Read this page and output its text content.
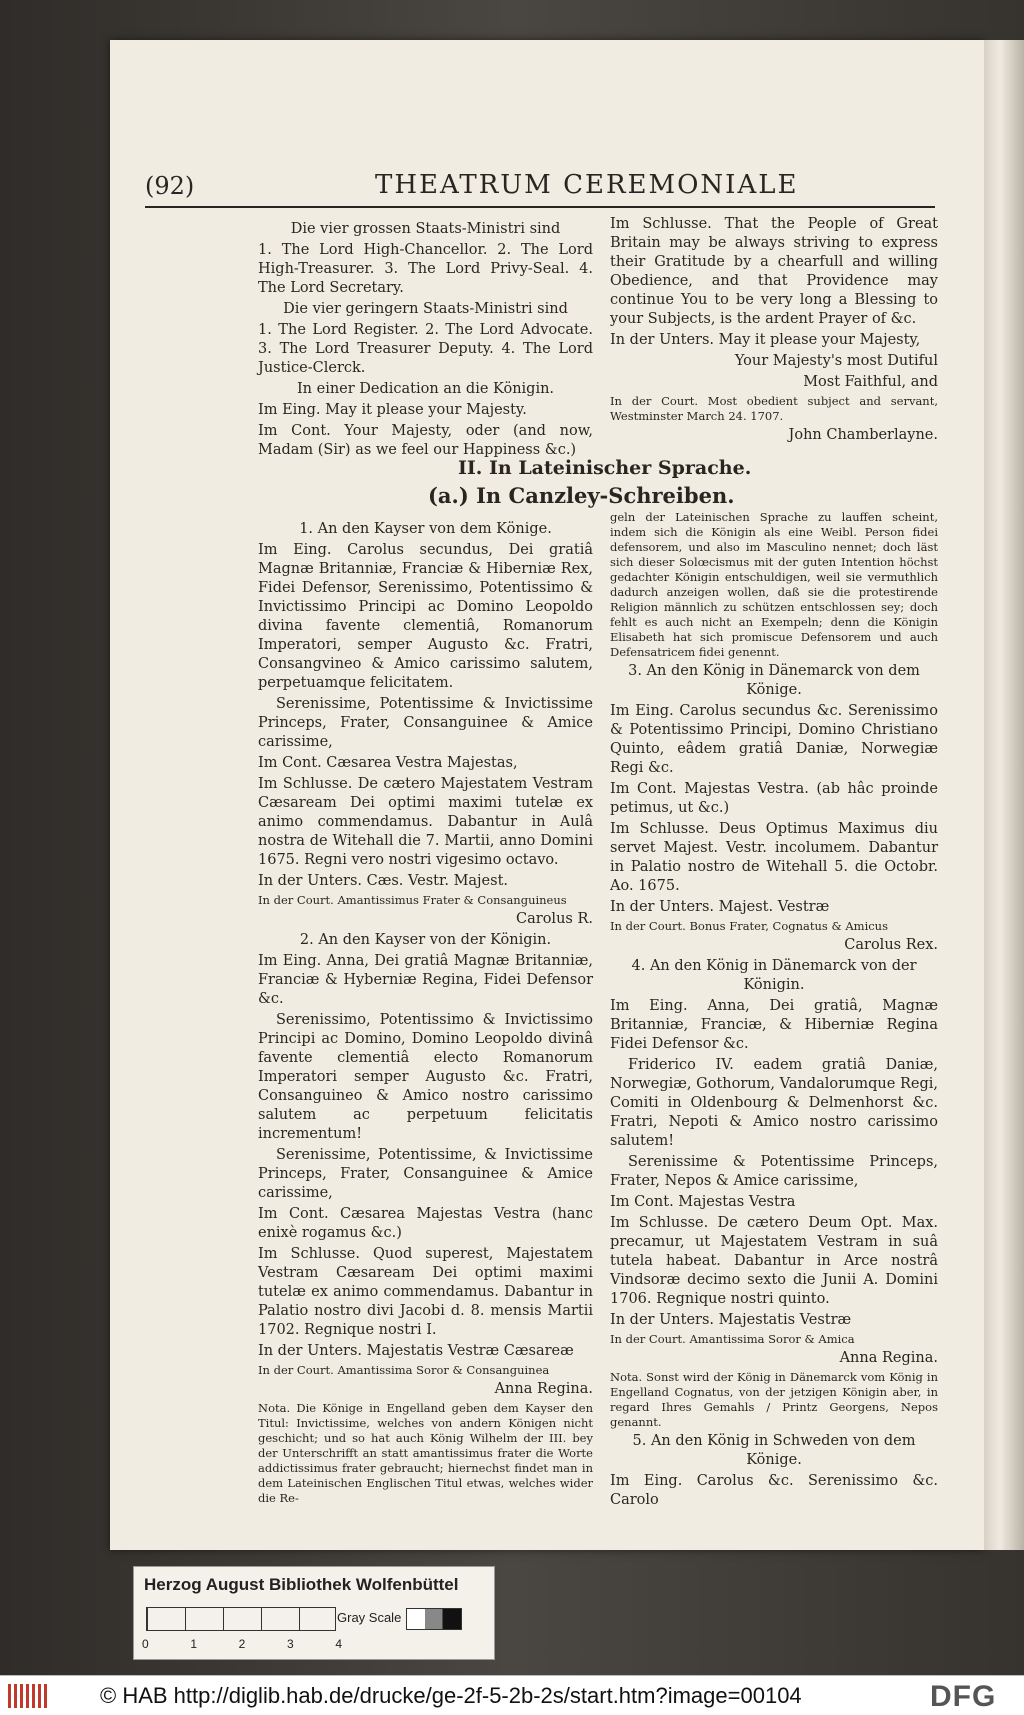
(92)	THEATRUM CEREMONIALE

Die vier grossen Staats-Ministri sind

1. The Lord High-Chancellor. 2. The Lord High-Treasurer. 3. The Lord Privy-Seal. 4. The Lord Secretary.

Die vier geringern Staats-Ministri sind

1. The Lord Register. 2. The Lord Advocate. 3. The Lord Treasurer Deputy. 4. The Lord Justice-Clerck.

In einer Dedication an die Königin.

Im Eing. May it please your Majesty.

Im Cont. Your Majesty, oder (and now, Madam (Sir) as we feel our Happiness &c.)

Im Schlusse. That the People of Great Britain may be always striving to express their Gratitude by a chearfull and willing Obedience, and that Providence may continue You to be very long a Blessing to your Subjects, is the ardent Prayer of &c.

In der Unters. May it please your Majesty,

Your Majesty's most Dutiful

Most Faithful, and

In der Court. Most obedient subject and servant, Westminster March 24. 1707.

John Chamberlayne.

II. In Lateinischer Sprache.
(a.) In Canzley-Schreiben.

1. An den Kayser von dem Könige.

Im Eing. Carolus secundus, Dei gratiâ Magnæ Britanniæ, Franciæ & Hiberniæ Rex, Fidei Defensor, Serenissimo, Potentissimo & Invictissimo Principi ac Domino Leopoldo divina favente clementiâ, Romanorum Imperatori, semper Augusto &c. Fratri, Consangvineo & Amico carissimo salutem, perpetuamque felicitatem.

Serenissime, Potentissime & Invictissime Princeps, Frater, Consanguinee & Amice carissime,

Im Cont. Cæsarea Vestra Majestas,

Im Schlusse. De cætero Majestatem Vestram Cæsaream Dei optimi maximi tutelæ ex animo commendamus. Dabantur in Aulâ nostra de Witehall die 7. Martii, anno Domini 1675. Regni vero nostri vigesimo octavo.

In der Unters. Cæs. Vestr. Majest.

In der Court. Amantissimus Frater & Consanguineus

Carolus R.

2. An den Kayser von der Königin.

Im Eing. Anna, Dei gratiâ Magnæ Britanniæ, Franciæ & Hyberniæ Regina, Fidei Defensor &c.

Serenissimo, Potentissimo & Invictissimo Principi ac Domino, Domino Leopoldo divinâ favente clementiâ electo Romanorum Imperatori semper Augusto &c. Fratri, Consanguineo & Amico nostro carissimo salutem ac perpetuum felicitatis incrementum!

Serenissime, Potentissime, & Invictissime Princeps, Frater, Consanguinee & Amice carissime,

Im Cont. Cæsarea Majestas Vestra (hanc enixè rogamus &c.)

Im Schlusse. Quod superest, Majestatem Vestram Cæsaream Dei optimi maximi tutelæ ex animo commendamus. Dabantur in Palatio nostro divi Jacobi d. 8. mensis Martii 1702. Regnique nostri I.

In der Unters. Majestatis Vestræ Cæsareæ

In der Court. Amantissima Soror & Consanguinea

Anna Regina.

Nota. Die Könige in Engelland geben dem Kayser den Titul: Invictissime, welches von andern Königen nicht geschicht; und so hat auch König Wilhelm der III. bey der Unterschrifft an statt amantissimus frater die Worte addictissimus frater gebraucht; hiernechst findet man in dem Lateinischen Englischen Titul etwas, welches wider die Re-

geln der Lateinischen Sprache zu lauffen scheint, indem sich die Königin als eine Weibl. Person fidei defensorem, und also im Masculino nennet; doch läst sich dieser Solœcismus mit der guten Intention höchst gedachter Königin entschuldigen, weil sie vermuthlich dadurch anzeigen wollen, daß sie die protestirende Religion männlich zu schützen entschlossen sey; doch fehlt es auch nicht an Exempeln; denn die Königin Elisabeth hat sich promiscue Defensorem und auch Defensatricem fidei genennt.

3. An den König in Dänemarck von dem Könige.

Im Eing. Carolus secundus &c. Serenissimo & Potentissimo Principi, Domino Christiano Quinto, eâdem gratiâ Daniæ, Norwegiæ Regi &c.

Im Cont. Majestas Vestra. (ab hâc proinde petimus, ut &c.)

Im Schlusse. Deus Optimus Maximus diu servet Majest. Vestr. incolumem. Dabantur in Palatio nostro de Witehall 5. die Octobr. Ao. 1675.

In der Unters. Majest. Vestræ

In der Court. Bonus Frater, Cognatus & Amicus

Carolus Rex.

4. An den König in Dänemarck von der Königin.

Im Eing. Anna, Dei gratiâ, Magnæ Britanniæ, Franciæ, & Hiberniæ Regina Fidei Defensor &c.

Friderico IV. eadem gratiâ Daniæ, Norwegiæ, Gothorum, Vandalorumque Regi, Comiti in Oldenbourg & Delmenhorst &c. Fratri, Nepoti & Amico nostro carissimo salutem!

Serenissime & Potentissime Princeps, Frater, Nepos & Amice carissime,

Im Cont. Majestas Vestra

Im Schlusse. De cætero Deum Opt. Max. precamur, ut Majestatem Vestram in suâ tutela habeat. Dabantur in Arce nostrâ Vindsoræ decimo sexto die Junii A. Domini 1706. Regnique nostri quinto.

In der Unters. Majestatis Vestræ

In der Court. Amantissima Soror & Amica

Anna Regina.

Nota. Sonst wird der König in Dänemarck vom König in Engelland Cognatus, von der jetzigen Königin aber, in regard Ihres Gemahls / Printz Georgens, Nepos genannt.

5. An den König in Schweden von dem Könige.

Im Eing. Carolus &c. Serenissimo &c. Carolo

Herzog August Bibliothek Wolfenbüttel
0	1	2	3	4
Gray Scale
© HAB http://diglib.hab.de/drucke/ge-2f-5-2b-2s/start.htm?image=00104	DFG
